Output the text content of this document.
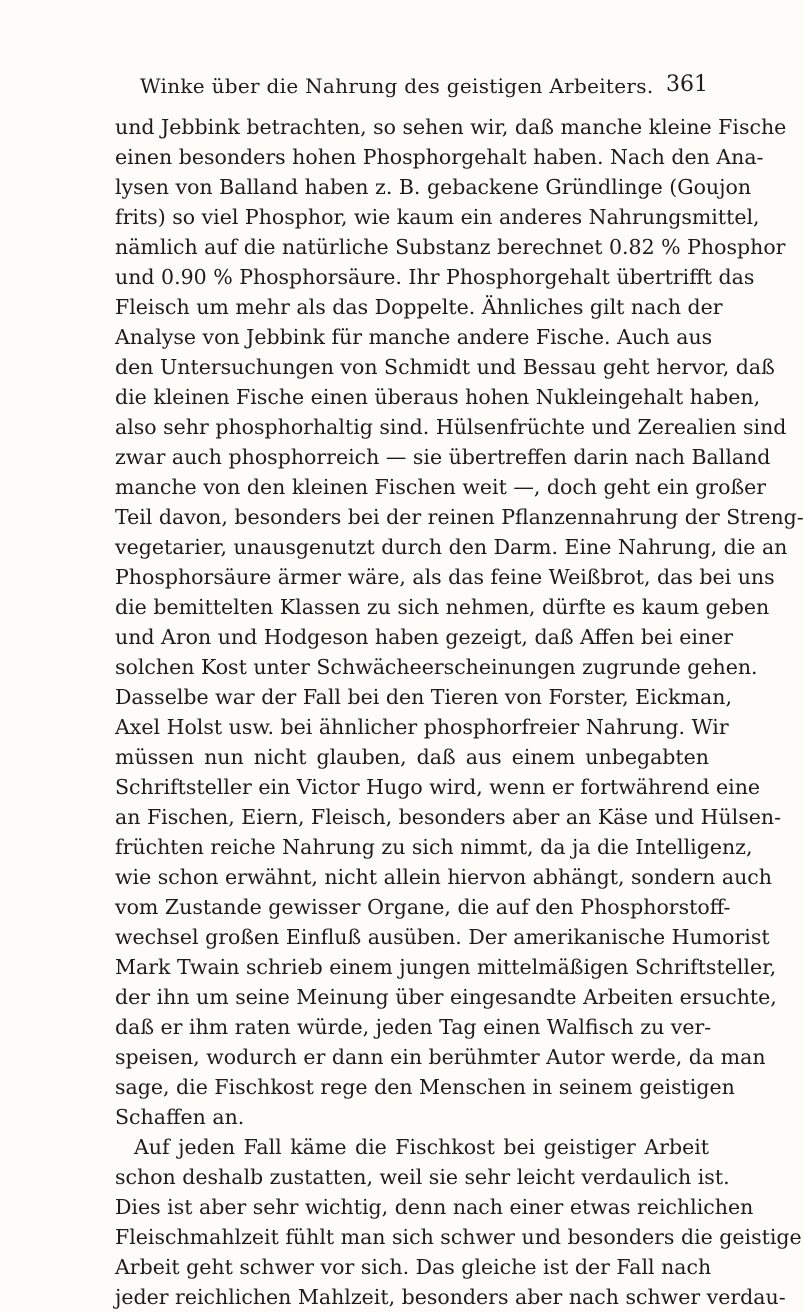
Winke über die Nahrung des geistigen Arbeiters. 361
und Jebbink betrachten, so sehen wir, daß manche kleine Fische
einen besonders hohen Phosphorgehalt haben. Nach den Ana-
lysen von Balland haben z. B. gebackene Gründlinge (Goujon
frits) so viel Phosphor, wie kaum ein anderes Nahrungsmittel,
nämlich auf die natürliche Substanz berechnet 0.82 % Phosphor
und 0.90 % Phosphorsäure. Ihr Phosphorgehalt übertrifft das
Fleisch um mehr als das Doppelte. Ähnliches gilt nach der
Analyse von Jebbink für manche andere Fische. Auch aus
den Untersuchungen von Schmidt und Bessau geht hervor, daß
die kleinen Fische einen überaus hohen Nukleingehalt haben,
also sehr phosphorhaltig sind. Hülsenfrüchte und Zerealien sind
zwar auch phosphorreich — sie übertreffen darin nach Balland
manche von den kleinen Fischen weit —, doch geht ein großer
Teil davon, besonders bei der reinen Pflanzennahrung der Streng-
vegetarier, unausgenutzt durch den Darm. Eine Nahrung, die an
Phosphorsäure ärmer wäre, als das feine Weißbrot, das bei uns
die bemittelten Klassen zu sich nehmen, dürfte es kaum geben
und Aron und Hodgeson haben gezeigt, daß Affen bei einer
solchen Kost unter Schwächeerscheinungen zugrunde gehen.
Dasselbe war der Fall bei den Tieren von Forster, Eickman,
Axel Holst usw. bei ähnlicher phosphorfreier Nahrung. Wir
müssen nun nicht glauben, daß aus einem unbegabten
Schriftsteller ein Victor Hugo wird, wenn er fortwährend eine
an Fischen, Eiern, Fleisch, besonders aber an Käse und Hülsen-
früchten reiche Nahrung zu sich nimmt, da ja die Intelligenz,
wie schon erwähnt, nicht allein hiervon abhängt, sondern auch
vom Zustande gewisser Organe, die auf den Phosphorstoff-
wechsel großen Einfluß ausüben. Der amerikanische Humorist
Mark Twain schrieb einem jungen mittelmäßigen Schriftsteller,
der ihn um seine Meinung über eingesandte Arbeiten ersuchte,
daß er ihm raten würde, jeden Tag einen Walfisch zu ver-
speisen, wodurch er dann ein berühmter Autor werde, da man
sage, die Fischkost rege den Menschen in seinem geistigen
Schaffen an.
Auf jeden Fall käme die Fischkost bei geistiger Arbeit
schon deshalb zustatten, weil sie sehr leicht verdaulich ist.
Dies ist aber sehr wichtig, denn nach einer etwas reichlichen
Fleischmahlzeit fühlt man sich schwer und besonders die geistige
Arbeit geht schwer vor sich. Das gleiche ist der Fall nach
jeder reichlichen Mahlzeit, besonders aber nach schwer verdau-
